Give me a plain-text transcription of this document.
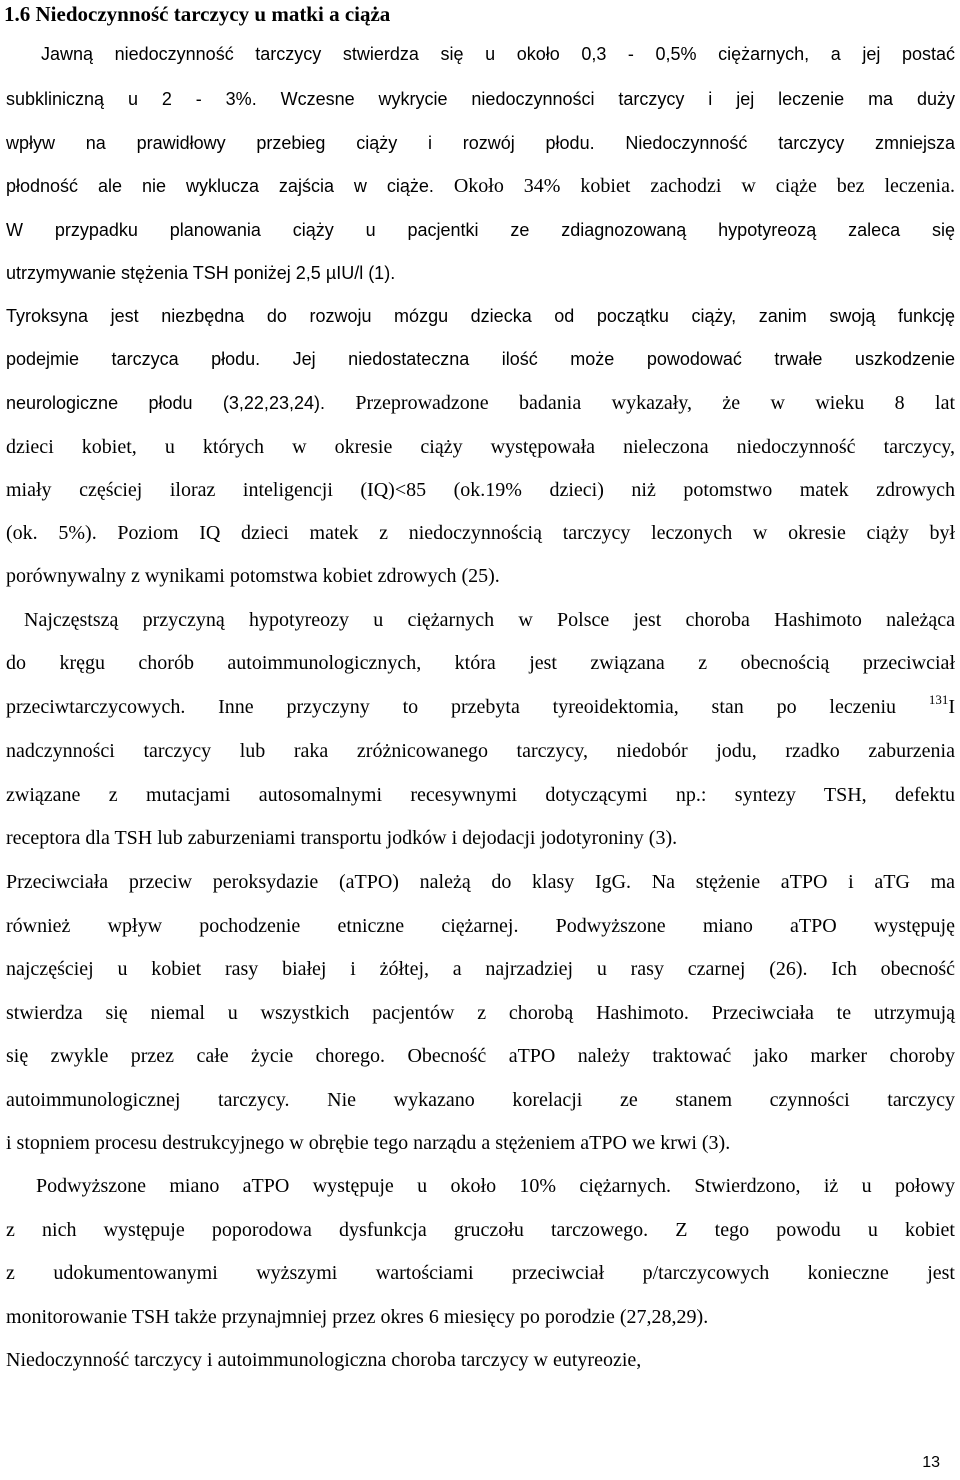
1.6 Niedoczynność tarczycy u matki a ciąża
Jawną niedoczynność tarczycy stwierdza się u około 0,3 - 0,5% ciężarnych, a jej postać
subkliniczną u 2 - 3%. Wczesne wykrycie niedoczynności tarczycy i jej leczenie ma duży
wpływ na prawidłowy przebieg ciąży i rozwój płodu. Niedoczynność tarczycy zmniejsza
płodność ale nie wyklucza zajścia w ciąże. Około 34% kobiet zachodzi w ciąże bez leczenia.
W przypadku planowania ciąży u pacjentki ze zdiagnozowaną hypotyreozą zaleca się
utrzymywanie stężenia TSH poniżej 2,5 µIU/l (1).
Tyroksyna jest niezbędna do rozwoju mózgu dziecka od początku ciąży, zanim swoją funkcję
podejmie tarczyca płodu. Jej niedostateczna ilość może powodować trwałe uszkodzenie
neurologiczne płodu (3,22,23,24). Przeprowadzone badania wykazały, że w wieku 8 lat
dzieci kobiet, u których w okresie ciąży występowała nieleczona niedoczynność tarczycy,
miały częściej iloraz inteligencji (IQ)<85 (ok.19% dzieci) niż potomstwo matek zdrowych
(ok. 5%). Poziom IQ dzieci matek z niedoczynnością tarczycy leczonych w okresie ciąży był
porównywalny z wynikami potomstwa kobiet zdrowych (25).
Najczęstszą przyczyną hypotyreozy u ciężarnych w Polsce jest choroba Hashimoto należąca
do kręgu chorób autoimmunologicznych, która jest związana z obecnością przeciwciał
przeciwtarczycowych. Inne przyczyny to przebyta tyreoidektomia, stan po leczeniu	$^{131}$I
nadczynności tarczycy lub raka zróżnicowanego tarczycy, niedobór jodu, rzadko zaburzenia
związane z mutacjami autosomalnymi recesywnymi dotyczącymi np.: syntezy TSH, defektu
receptora dla TSH lub zaburzeniami transportu jodków i dejodacji jodotyroniny (3).
Przeciwciała przeciw peroksydazie (aTPO) należą do klasy IgG. Na stężenie aTPO i aTG ma
również wpływ pochodzenie etniczne ciężarnej. Podwyższone miano aTPO występuję
najczęściej u kobiet rasy białej i żółtej, a najrzadziej u rasy czarnej (26). Ich obecność
stwierdza się niemal u wszystkich pacjentów z chorobą Hashimoto. Przeciwciała te utrzymują
się zwykle przez całe życie chorego. Obecność aTPO należy traktować jako marker choroby
autoimmunologicznej tarczycy. Nie wykazano korelacji ze stanem czynności tarczycy
i stopniem procesu destrukcyjnego w obrębie tego narządu a stężeniem aTPO we krwi (3).
Podwyższone miano aTPO występuje u około 10% ciężarnych. Stwierdzono, iż u połowy
z nich występuje poporodowa dysfunkcja gruczołu tarczowego. Z tego powodu u kobiet
z udokumentowanymi wyższymi wartościami przeciwciał p/tarczycowych konieczne jest
monitorowanie TSH także przynajmniej przez okres 6 miesięcy po porodzie (27,28,29).
Niedoczynność tarczycy i autoimmunologiczna choroba tarczycy w eutyreozie,
13
